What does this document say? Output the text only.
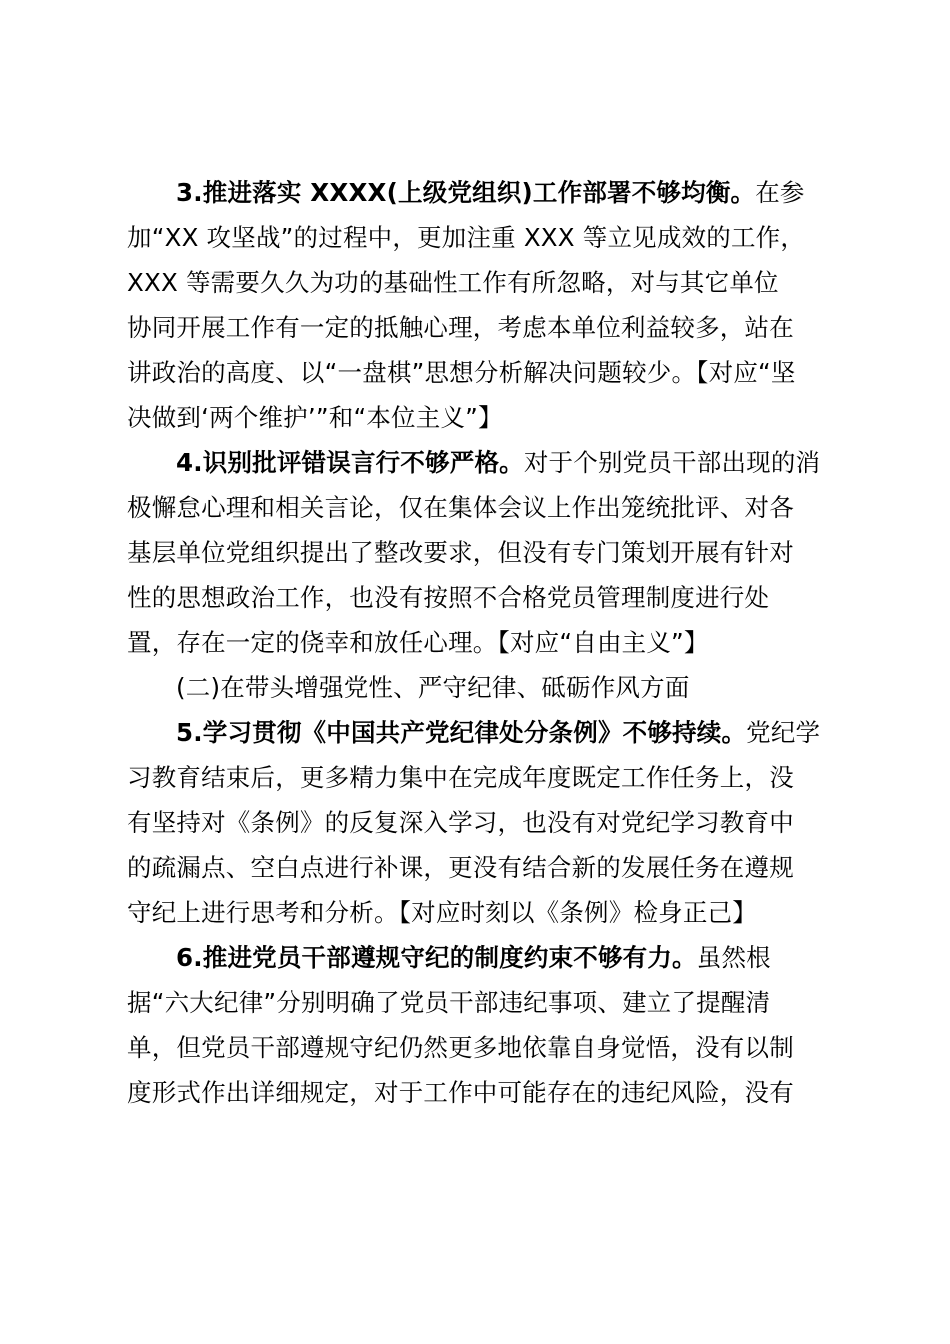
3.推进落实 XXXX(上级党组织)工作部署不够均衡。在参
加“XX 攻坚战”的过程中，更加注重 XXX 等立见成效的工作，
XXX 等需要久久为功的基础性工作有所忽略，对与其它单位
协同开展工作有一定的抵触心理，考虑本单位利益较多，站在
讲政治的高度、以“一盘棋”思想分析解决问题较少。【对应“坚
决做到‘两个维护’”和“本位主义”】

4.识别批评错误言行不够严格。对于个别党员干部出现的消
极懈怠心理和相关言论，仅在集体会议上作出笼统批评、对各
基层单位党组织提出了整改要求，但没有专门策划开展有针对
性的思想政治工作，也没有按照不合格党员管理制度进行处
置，存在一定的侥幸和放任心理。【对应“自由主义”】

(二)在带头增强党性、严守纪律、砥砺作风方面

5.学习贯彻《中国共产党纪律处分条例》不够持续。党纪学
习教育结束后，更多精力集中在完成年度既定工作任务上，没
有坚持对《条例》的反复深入学习，也没有对党纪学习教育中
的疏漏点、空白点进行补课，更没有结合新的发展任务在遵规
守纪上进行思考和分析。【对应时刻以《条例》检身正己】

6.推进党员干部遵规守纪的制度约束不够有力。虽然根
据“六大纪律”分别明确了党员干部违纪事项、建立了提醒清
单，但党员干部遵规守纪仍然更多地依靠自身觉悟，没有以制
度形式作出详细规定，对于工作中可能存在的违纪风险，没有
